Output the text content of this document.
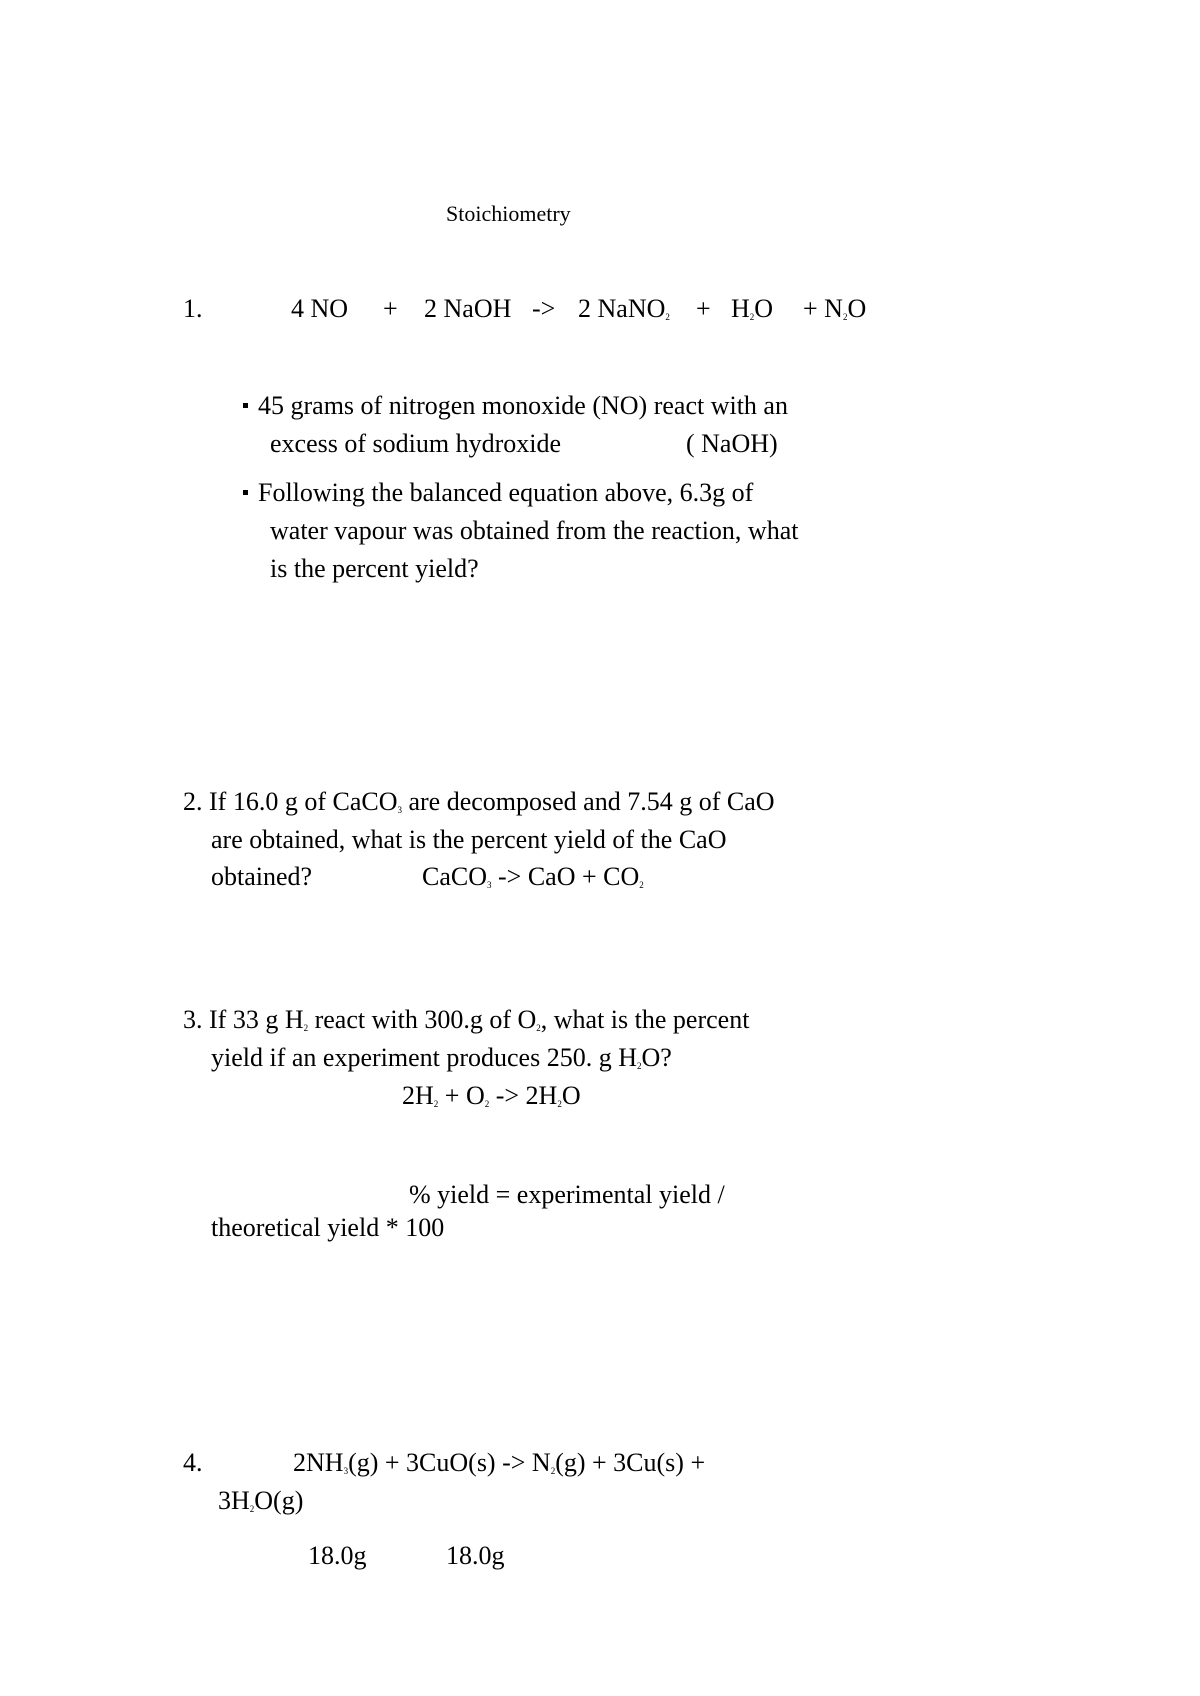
Stoichiometry
1.	4 NO + 2 NaOH -> 2 NaNO$_2$ + $H_2O + N_2O$
45 grams of nitrogen monoxide (NO) react with an
excess of sodium hydroxide	( NaOH)
Following the balanced equation above, 6.3g of
water vapour was obtained from the reaction, what
is the percent yield?
2. If 16.0 g of CaCO$_3$ are decomposed and 7.54 g of CaO
are obtained, what is the percent yield of the CaO
obtained?	CaCO$_3$ -> CaO + $CO_2$
3. If 33 g $H_2$ react with 300.g of $O_2$, what is the percent
yield if an experiment produces 250. g $H_2O$?
$2H_2 + O_2 -> 2H_2O$
% yield = experimental yield /
theoretical yield * 100
4.	$2NH_3(g) + 3CuO(s) -> N_2(g) + 3Cu(s)$ +
$3H_2O(g)$
18.0g	18.0g
